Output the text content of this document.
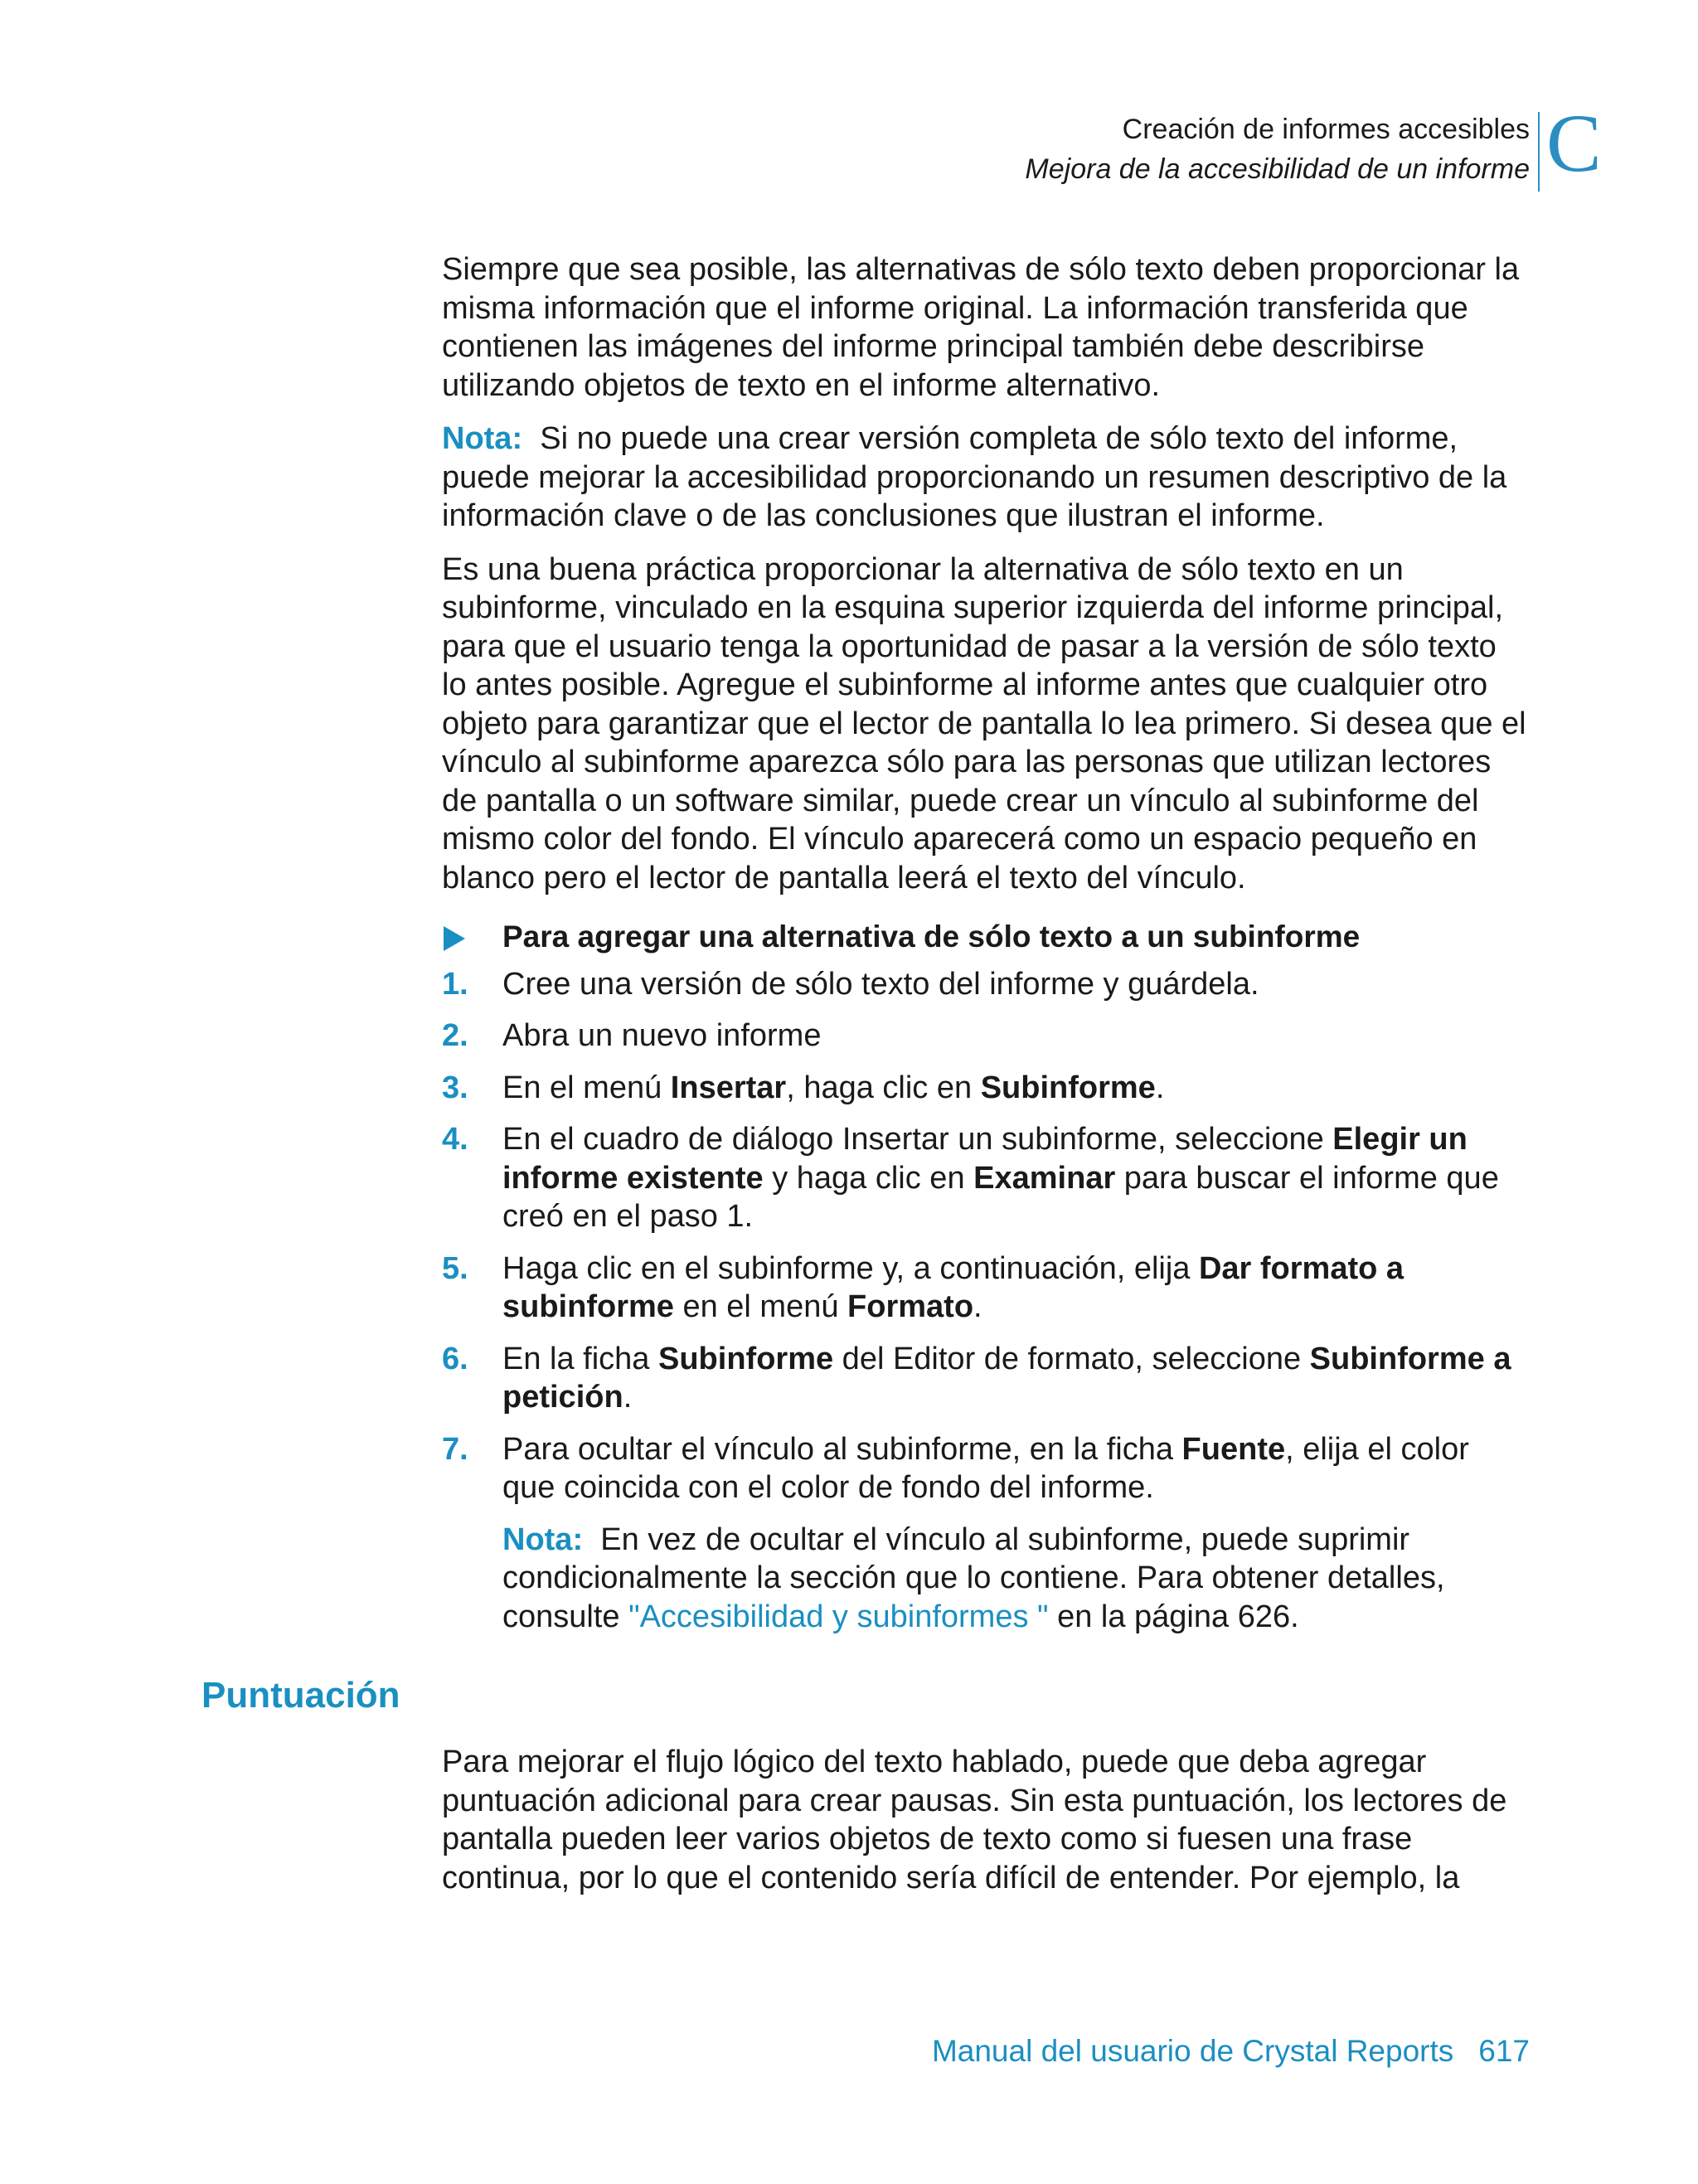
Creación de informes accesibles
Mejora de la accesibilidad de un informe C

Siempre que sea posible, las alternativas de sólo texto deben proporcionar la misma información que el informe original. La información transferida que contienen las imágenes del informe principal también debe describirse utilizando objetos de texto en el informe alternativo.

Nota: Si no puede una crear versión completa de sólo texto del informe, puede mejorar la accesibilidad proporcionando un resumen descriptivo de la información clave o de las conclusiones que ilustran el informe.

Es una buena práctica proporcionar la alternativa de sólo texto en un subinforme, vinculado en la esquina superior izquierda del informe principal, para que el usuario tenga la oportunidad de pasar a la versión de sólo texto lo antes posible. Agregue el subinforme al informe antes que cualquier otro objeto para garantizar que el lector de pantalla lo lea primero. Si desea que el vínculo al subinforme aparezca sólo para las personas que utilizan lectores de pantalla o un software similar, puede crear un vínculo al subinforme del mismo color del fondo. El vínculo aparecerá como un espacio pequeño en blanco pero el lector de pantalla leerá el texto del vínculo.

Para agregar una alternativa de sólo texto a un subinforme
1. Cree una versión de sólo texto del informe y guárdela.
2. Abra un nuevo informe
3. En el menú Insertar, haga clic en Subinforme.
4. En el cuadro de diálogo Insertar un subinforme, seleccione Elegir un informe existente y haga clic en Examinar para buscar el informe que creó en el paso 1.
5. Haga clic en el subinforme y, a continuación, elija Dar formato a subinforme en el menú Formato.
6. En la ficha Subinforme del Editor de formato, seleccione Subinforme a petición.
7. Para ocultar el vínculo al subinforme, en la ficha Fuente, elija el color que coincida con el color de fondo del informe.
Nota: En vez de ocultar el vínculo al subinforme, puede suprimir condicionalmente la sección que lo contiene. Para obtener detalles, consulte "Accesibilidad y subinformes " en la página 626.
Puntuación

Para mejorar el flujo lógico del texto hablado, puede que deba agregar puntuación adicional para crear pausas. Sin esta puntuación, los lectores de pantalla pueden leer varios objetos de texto como si fuesen una frase continua, por lo que el contenido sería difícil de entender. Por ejemplo, la

Manual del usuario de Crystal Reports 617
